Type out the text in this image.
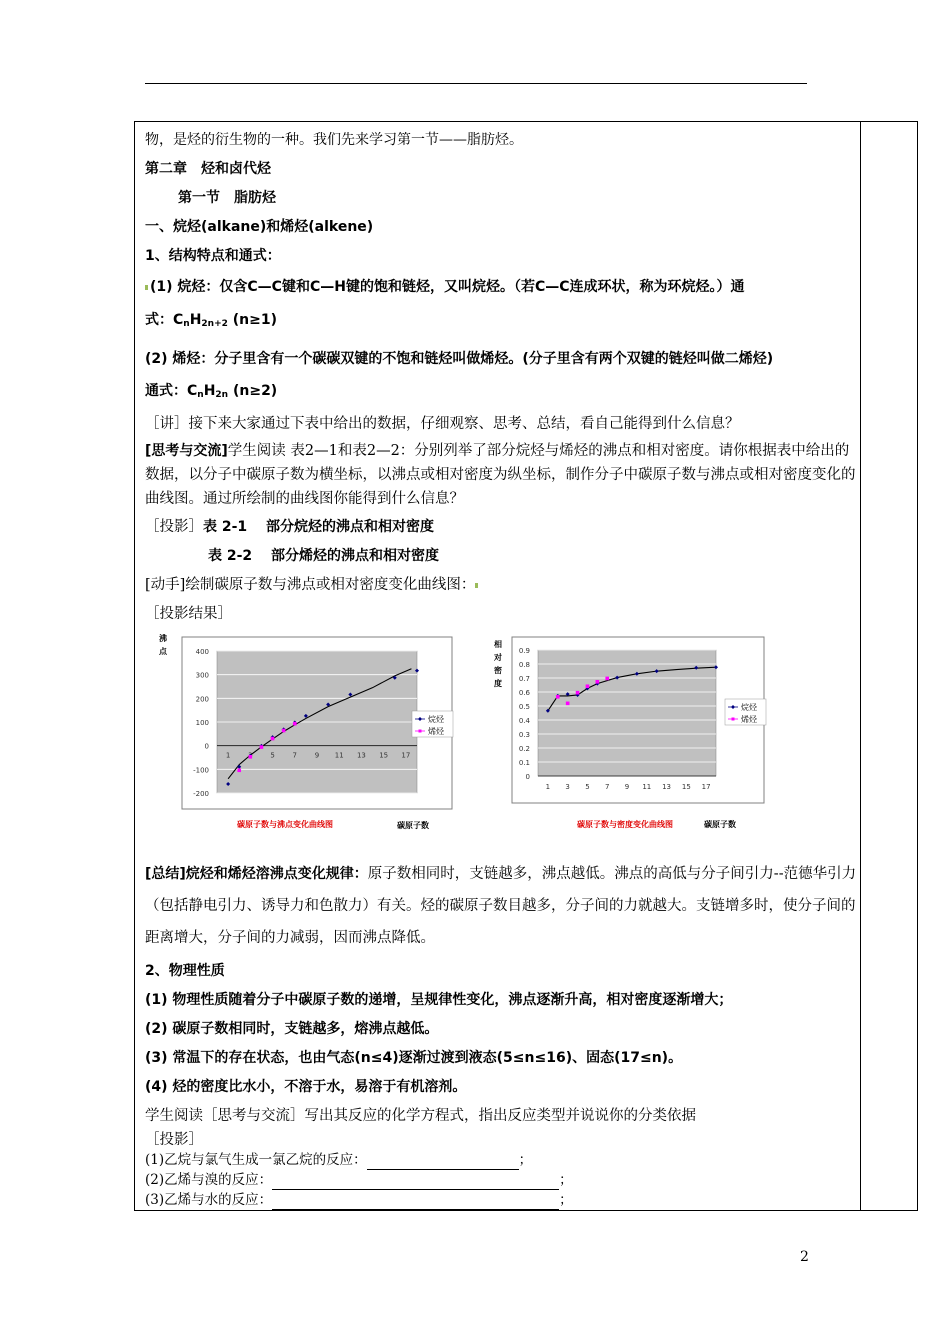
物，是烃的衍生物的一种。我们先来学习第一节——脂肪烃。
第二章　烃和卤代烃
第一节　脂肪烃
一、烷烃(alkane)和烯烃(alkene)
1、结构特点和通式：
(1) 烷烃：仅含C—C键和C—H键的饱和链烃，又叫烷烃。（若C—C连成环状，称为环烷烃。）通
式：$C_nH_{2n+2}$ (n≥1)
(2) 烯烃：分子里含有一个碳碳双键的不饱和链烃叫做烯烃。(分子里含有两个双键的链烃叫做二烯烃)
通式：$C_nH_{2n}$ (n≥2)
［讲］接下来大家通过下表中给出的数据，仔细观察、思考、总结，看自己能得到什么信息？
[思考与交流]学生阅读 表2—1和表2—2：分别列举了部分烷烃与烯烃的沸点和相对密度。请你根据表中给出的数据，以分子中碳原子数为横坐标，以沸点或相对密度为纵坐标，制作分子中碳原子数与沸点或相对密度变化的曲线图。通过所绘制的曲线图你能得到什么信息？
［投影］表 2-1　 部分烷烃的沸点和相对密度
表 2-2　 部分烯烃的沸点和相对密度
[动手]绘制碳原子数与沸点或相对密度变化曲线图：
［投影结果］
400
300
200
100
0
-100
-200
1	5	7	9 11 13 15 17
烷烃
烯烃
沸
点
碳原子数
碳原子数与沸点变化曲线图
0.9
0.8
0.7
0.6
0.5
0.4
0.3
0.2
0.1
0
1 3 5 7 9 11 13 15 17
烷烃
烯烃
相
对
密
度
碳原子数
碳原子数与密度变化曲线图
[总结]烷烃和烯烃溶沸点变化规律：原子数相同时，支链越多，沸点越低。沸点的高低与分子间引力--范德华引力（包括静电引力、诱导力和色散力）有关。烃的碳原子数目越多，分子间的力就越大。支链增多时，使分子间的距离增大，分子间的力减弱，因而沸点降低。
2、物理性质
(1) 物理性质随着分子中碳原子数的递增，呈规律性变化，沸点逐渐升高，相对密度逐渐增大；
(2) 碳原子数相同时，支链越多，熔沸点越低。
(3) 常温下的存在状态，也由气态(n≤4)逐渐过渡到液态(5≤n≤16)、固态(17≤n)。
(4) 烃的密度比水小，不溶于水，易溶于有机溶剂。
学生阅读［思考与交流］写出其反应的化学方程式，指出反应类型并说说你的分类依据
［投影］
(1)乙烷与氯气生成一氯乙烷的反应：	；
(2)乙烯与溴的反应：	；
(3)乙烯与水的反应：	；
2
